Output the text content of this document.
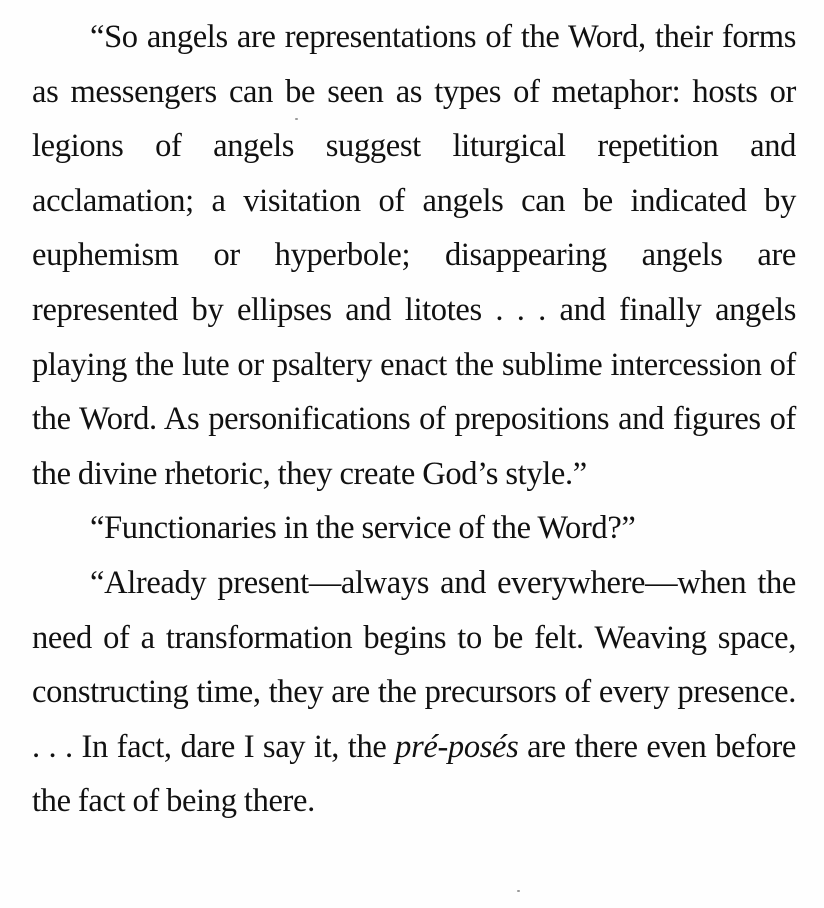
“So angels are representations of the Word, their forms as messengers can be seen as types of metaphor: hosts or legions of angels suggest liturgical repetition and acclamation; a visitation of angels can be indicated by euphemism or hyperbole; disappearing angels are represented by ellipses and litotes . . . and finally angels playing the lute or psaltery enact the sublime intercession of the Word. As personifications of prepositions and figures of the divine rhetoric, they create God’s style.”

“Functionaries in the service of the Word?”

“Already present—always and everywhere—when the need of a transformation begins to be felt. Weaving space, constructing time, they are the precursors of every presence. . . . In fact, dare I say it, the pré-posés are there even before the fact of being there.
